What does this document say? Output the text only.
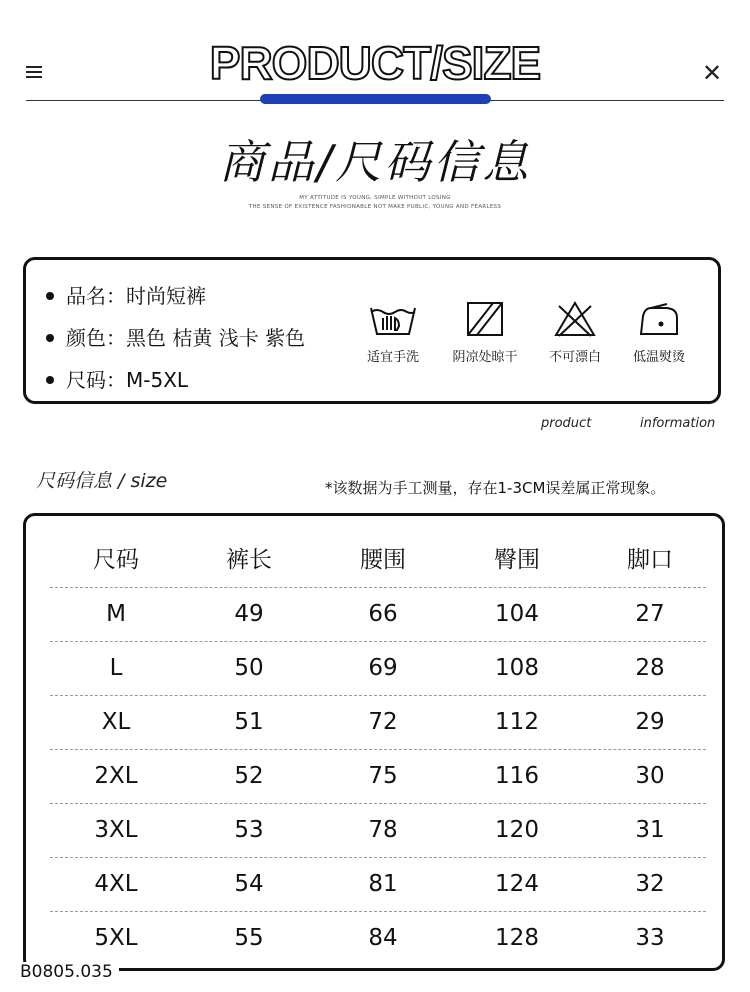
PRODUCT/SIZE	✕
商品/尺码信息
MY ATTITUDE IS YOUNG, SIMPLE WITHOUT LOSING
THE SENSE OF EXISTENCE FASHIONABLE NOT MAKE PUBLIC, YOUNG AND FEARLESS
品名：时尚短裤
颜色：黑色 桔黄 浅卡 紫色
尺码：M-5XL
适宜手洗	阴凉处晾干	不可漂白	低温熨烫
product	information
尺码信息 / size	*该数据为手工测量，存在1-3CM误差属正常现象。
尺码	裤长	腰围	臀围	脚口
M	49	66	104	27
L	50	69	108	28
XL	51	72	112	29
2XL	52	75	116	30
3XL	53	78	120	31
4XL	54	81	124	32
5XL	55	84	128	33
B0805.035
